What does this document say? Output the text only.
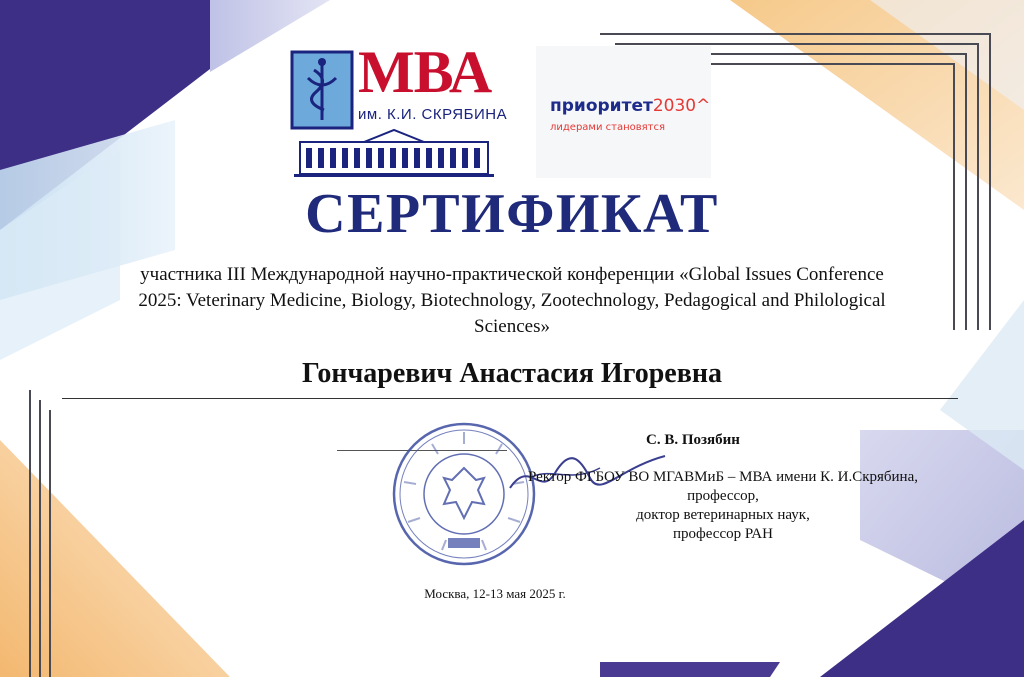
МВА
им. К.И. СКРЯБИНА	приоритет2030^
лидерами становятся
СЕРТИФИКАТ
участника III Международной научно-практической конференции «Global Issues Conference
2025: Veterinary Medicine, Biology, Biotechnology, Zootechnology, Pedagogical and Philological
Sciences»
Гончаревич Анастасия Игоревна
С. В. Позябин
Ректор ФГБОУ ВО МГАВМиБ – МВА имени К. И.Скрябина,
профессор,
доктор ветеринарных наук,
профессор РАН
Москва, 12-13 мая 2025 г.
